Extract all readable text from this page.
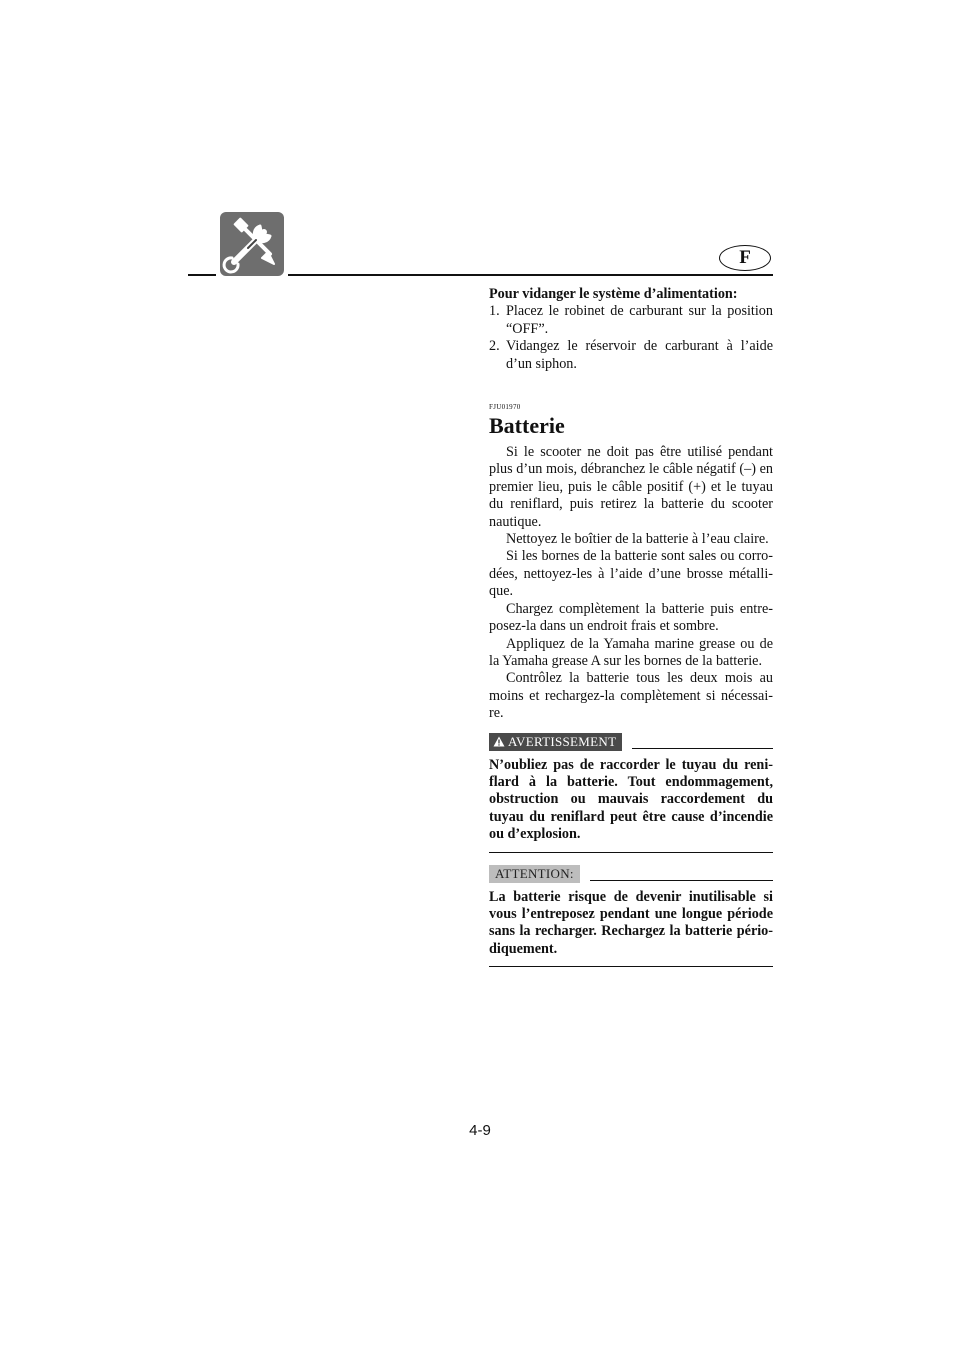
F

Pour vidanger le système d’alimentation:

1. Placez le robinet de carburant sur la position “OFF”.
2. Vidangez le réservoir de carburant à l’aide d’un siphon.
FJU01970
Batterie

Si le scooter ne doit pas être utilisé pendant plus d’un mois, débranchez le câble négatif (–) en premier lieu, puis le câble positif (+) et le tuyau du reniflard, puis retirez la batterie du scooter nautique.

Nettoyez le boîtier de la batterie à l’eau claire.

Si les bornes de la batterie sont sales ou corro-dées, nettoyez-les à l’aide d’une brosse métalli-que.

Chargez complètement la batterie puis entre-posez-la dans un endroit frais et sombre.

Appliquez de la Yamaha marine grease ou de la Yamaha grease A sur les bornes de la batterie.

Contrôlez la batterie tous les deux mois au moins et rechargez-la complètement si nécessai-re.

AVERTISSEMENT

N’oubliez pas de raccorder le tuyau du reni-flard à la batterie. Tout endommagement, obstruction ou mauvais raccordement du tuyau du reniflard peut être cause d’incendie ou d’explosion.

ATTENTION:

La batterie risque de devenir inutilisable si vous l’entreposez pendant une longue période sans la recharger. Rechargez la batterie pério-diquement.

4-9
